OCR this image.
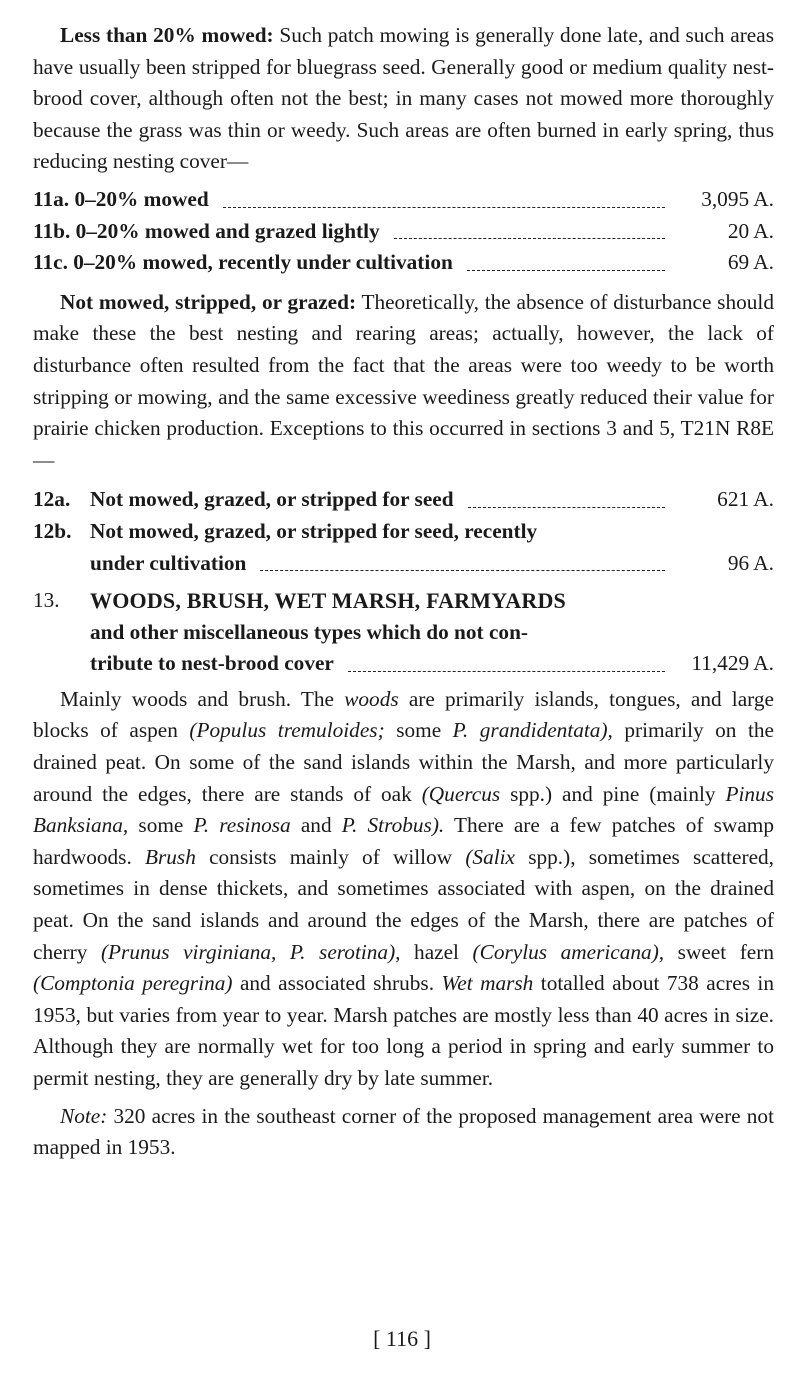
Less than 20% mowed: Such patch mowing is generally done late, and such areas have usually been stripped for bluegrass seed. Generally good or medium quality nest-brood cover, although often not the best; in many cases not mowed more thoroughly because the grass was thin or weedy. Such areas are often burned in early spring, thus reducing nesting cover—

11a. 0–20% mowed	3,095 A.
11b. 0–20% mowed and grazed lightly	20 A.
11c. 0–20% mowed, recently under cultivation	69 A.

Not mowed, stripped, or grazed: Theoretically, the absence of disturbance should make these the best nesting and rearing areas; actually, however, the lack of disturbance often resulted from the fact that the areas were too weedy to be worth stripping or mowing, and the same excessive weediness greatly reduced their value for prairie chicken production. Exceptions to this occurred in sections 3 and 5, T21N R8E—

12a. Not mowed, grazed, or stripped for seed	621 A.
12b. Not mowed, grazed, or stripped for seed, recently
under cultivation	96 A.
13. WOODS, BRUSH, WET MARSH, FARMYARDS
and other miscellaneous types which do not con-
tribute to nest-brood cover	11,429 A.

Mainly woods and brush. The woods are primarily islands, tongues, and large blocks of aspen (Populus tremuloides; some P. grandidentata), primarily on the drained peat. On some of the sand islands within the Marsh, and more particularly around the edges, there are stands of oak (Quercus spp.) and pine (mainly Pinus Banksiana, some P. resinosa and P. Strobus). There are a few patches of swamp hardwoods. Brush consists mainly of willow (Salix spp.), sometimes scattered, sometimes in dense thickets, and sometimes associated with aspen, on the drained peat. On the sand islands and around the edges of the Marsh, there are patches of cherry (Prunus virginiana, P. serotina), hazel (Corylus americana), sweet fern (Comptonia peregrina) and associated shrubs. Wet marsh totalled about 738 acres in 1953, but varies from year to year. Marsh patches are mostly less than 40 acres in size. Although they are normally wet for too long a period in spring and early summer to permit nesting, they are generally dry by late summer.

Note: 320 acres in the southeast corner of the proposed management area were not mapped in 1953.

[ 116 ]
